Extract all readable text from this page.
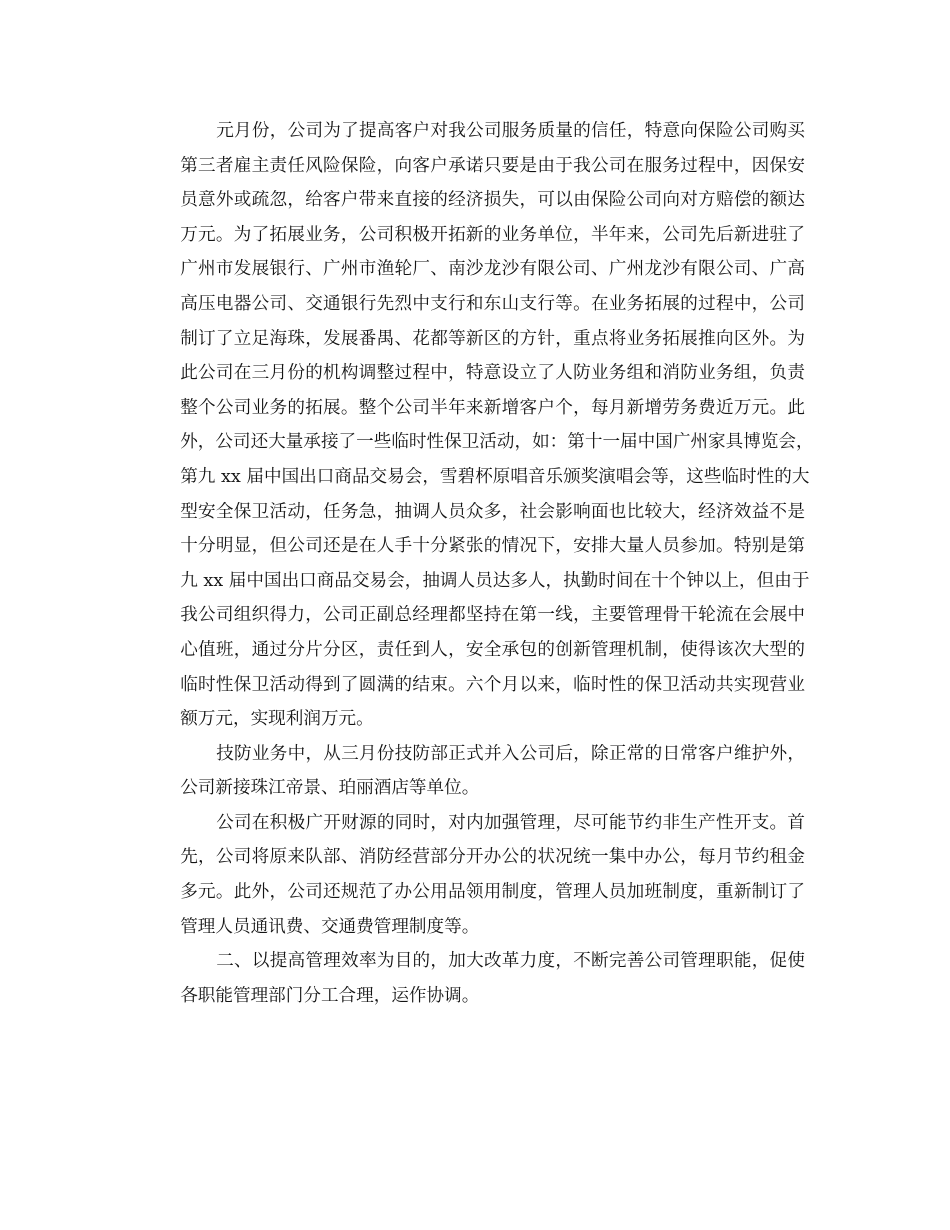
元月份，公司为了提高客户对我公司服务质量的信任，特意向保险公司购买
第三者雇主责任风险保险，向客户承诺只要是由于我公司在服务过程中，因保安
员意外或疏忽，给客户带来直接的经济损失，可以由保险公司向对方赔偿的额达
万元。为了拓展业务，公司积极开拓新的业务单位，半年来，公司先后新进驻了
广州市发展银行、广州市渔轮厂、南沙龙沙有限公司、广州龙沙有限公司、广高
高压电器公司、交通银行先烈中支行和东山支行等。在业务拓展的过程中，公司
制订了立足海珠，发展番禺、花都等新区的方针，重点将业务拓展推向区外。为
此公司在三月份的机构调整过程中，特意设立了人防业务组和消防业务组，负责
整个公司业务的拓展。整个公司半年来新增客户个，每月新增劳务费近万元。此
外，公司还大量承接了一些临时性保卫活动，如：第十一届中国广州家具博览会，
第九 xx 届中国出口商品交易会，雪碧杯原唱音乐颁奖演唱会等，这些临时性的大
型安全保卫活动，任务急，抽调人员众多，社会影响面也比较大，经济效益不是
十分明显，但公司还是在人手十分紧张的情况下，安排大量人员参加。特别是第
九 xx 届中国出口商品交易会，抽调人员达多人，执勤时间在十个钟以上，但由于
我公司组织得力，公司正副总经理都坚持在第一线，主要管理骨干轮流在会展中
心值班，通过分片分区，责任到人，安全承包的创新管理机制，使得该次大型的
临时性保卫活动得到了圆满的结束。六个月以来，临时性的保卫活动共实现营业
额万元，实现利润万元。
技防业务中，从三月份技防部正式并入公司后，除正常的日常客户维护外，
公司新接珠江帝景、珀丽酒店等单位。
公司在积极广开财源的同时，对内加强管理，尽可能节约非生产性开支。首
先，公司将原来队部、消防经营部分开办公的状况统一集中办公，每月节约租金
多元。此外，公司还规范了办公用品领用制度，管理人员加班制度，重新制订了
管理人员通讯费、交通费管理制度等。
二、以提高管理效率为目的，加大改革力度，不断完善公司管理职能，促使
各职能管理部门分工合理，运作协调。
